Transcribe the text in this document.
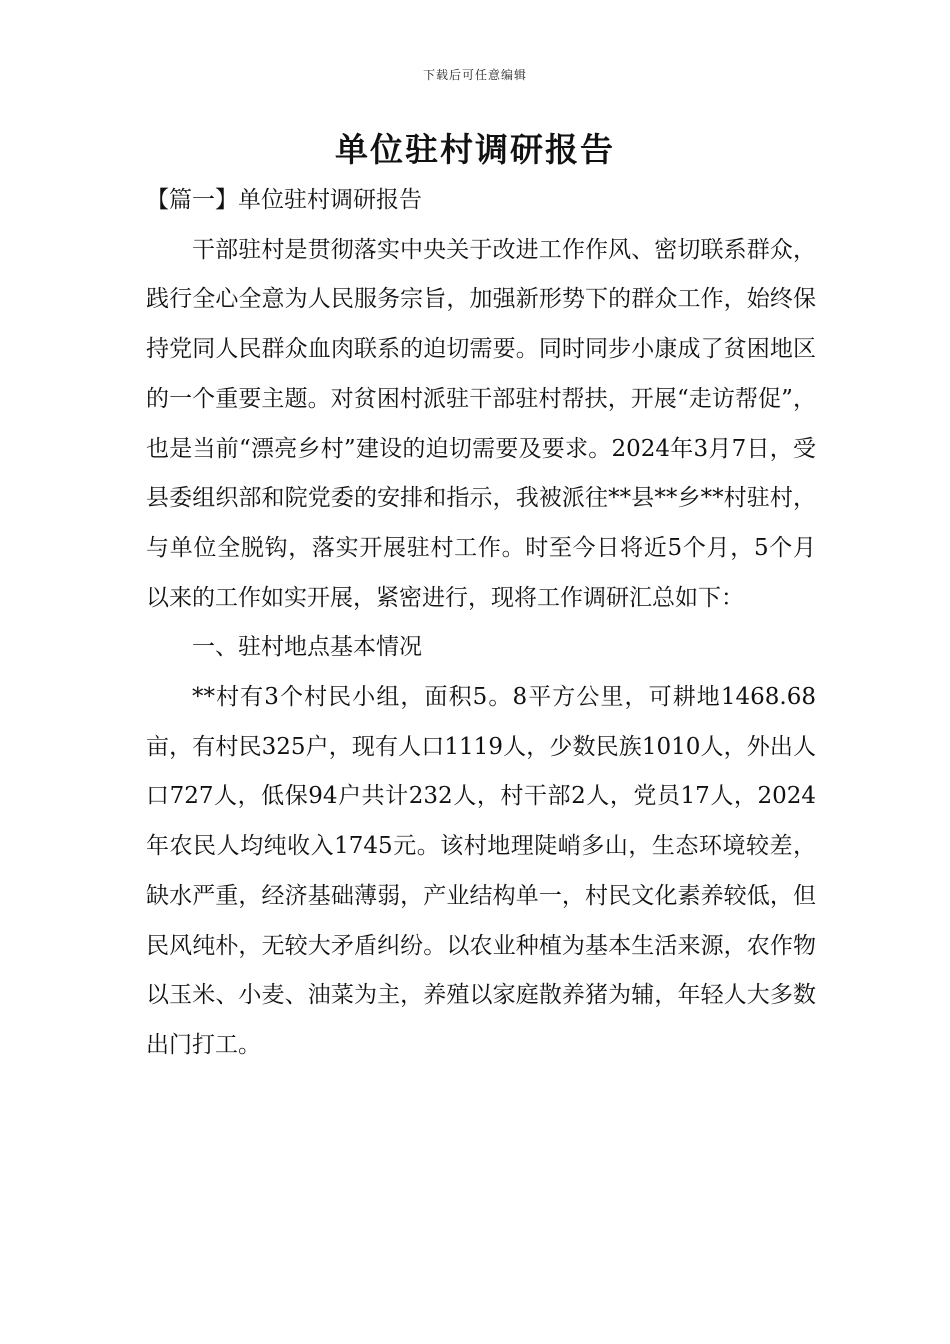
下载后可任意编辑
单位驻村调研报告

【篇一】单位驻村调研报告

干部驻村是贯彻落实中央关于改进工作作风、密切联系群众，践行全心全意为人民服务宗旨，加强新形势下的群众工作，始终保持党同人民群众血肉联系的迫切需要。同时同步小康成了贫困地区的一个重要主题。对贫困村派驻干部驻村帮扶，开展“走访帮促”，也是当前“漂亮乡村”建设的迫切需要及要求。2024年3月7日，受县委组织部和院党委的安排和指示，我被派往**县**乡**村驻村，与单位全脱钩，落实开展驻村工作。时至今日将近5个月，5个月以来的工作如实开展，紧密进行，现将工作调研汇总如下：

一、驻村地点基本情况

**村有3个村民小组，面积5。8平方公里，可耕地1468.68亩，有村民325户，现有人口1119人，少数民族1010人，外出人口727人，低保94户共计232人，村干部2人，党员17人，2024年农民人均纯收入1745元。该村地理陡峭多山，生态环境较差，缺水严重，经济基础薄弱，产业结构单一，村民文化素养较低，但民风纯朴，无较大矛盾纠纷。以农业种植为基本生活来源，农作物以玉米、小麦、油菜为主，养殖以家庭散养猪为辅，年轻人大多数出门打工。
